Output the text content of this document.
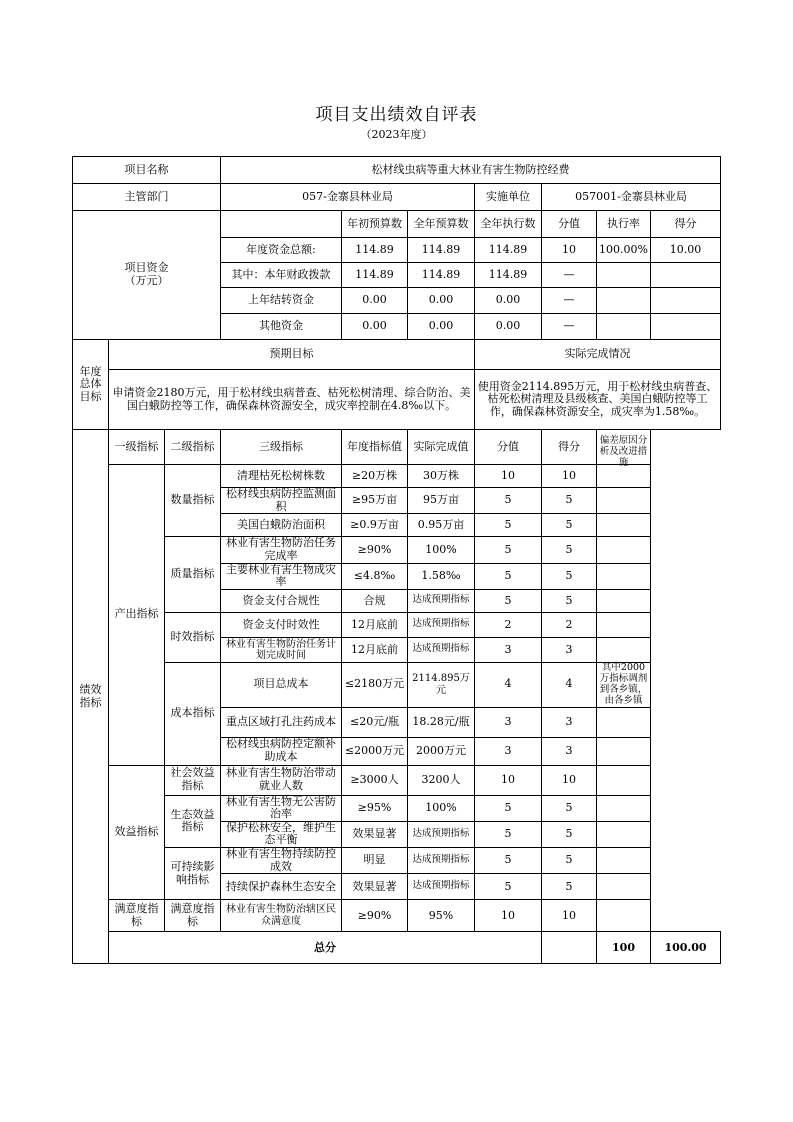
项目支出绩效自评表
（2023年度）
项目名称			松材线虫病等重大林业有害生物防控经费							
主管部门			057-金寨县林业局			实施单位	057001-金寨县林业局			
项目资金
（万元）				年初预算数	全年预算数	全年执行数	分值	执行率	得分	
			年度资金总额:	114.89	114.89	114.89	10	100.00%	10.00	
			其中：本年财政拨款	114.89	114.89	114.89	—			
			上年结转资金	0.00	0.00	0.00	—			
			其他资金	0.00	0.00	0.00	—			
年度总体目标	预期目标					实际完成情况				
	申请资金2180万元，用于松材线虫病普查、枯死松树清理、综合防治、美国白蛾防控等工作，确保森林资源安全，成灾率控制在4.8‰以下。					使用资金2114.895万元，用于松材线虫病普查、枯死松树清理及县级核查、美国白蛾防控等工作，确保森林资源安全，成灾率为1.58‰。				
绩效指标	一级指标	二级指标	三级指标	年度指标值	实际完成值	分值	得分	偏差原因分析及改进措施		

	产出指标	数量指标	清理枯死松树株数	≥20万株	30万株	10	10			
			松材线虫病防控监测面积	≥95万亩	95万亩	5	5			
			美国白蛾防治面积	≥0.9万亩	0.95万亩	5	5			
		质量指标	林业有害生物防治任务完成率	≥90%	100%	5	5			
			主要林业有害生物成灾率	≤4.8‰	1.58‰	5	5			
			资金支付合规性	合规	达成预期指标	5	5			
		时效指标	资金支付时效性	12月底前	达成预期指标	2	2			

			林业有害生物防治任务计划完成时间	12月底前	达成预期指标	3	3			
		成本指标	项目总成本	≤2180万元	2114.895万元	4	4	其中2000万指标调剂到各乡镇，由各乡镇		
			重点区域打孔注药成本	≤20元/瓶	18.28元/瓶	3	3			
			松材线虫病防控定额补助成本	≤2000万元	2000万元	3	3			
	效益指标	社会效益指标	林业有害生物防治带动就业人数	≥3000人	3200人	10	10			
		生态效益指标	林业有害生物无公害防治率	≥95%	100%	5	5			
			保护松林安全，维护生态平衡	效果显著	达成预期指标	5	5			
		可持续影响指标	林业有害生物持续防控成效	明显	达成预期指标	5	5			
			持续保护森林生态安全	效果显著	达成预期指标	5	5			
	满意度指标	满意度指标	林业有害生物防治辖区民众满意度	≥90%	95%	10	10			
	总分							100	100.00	
